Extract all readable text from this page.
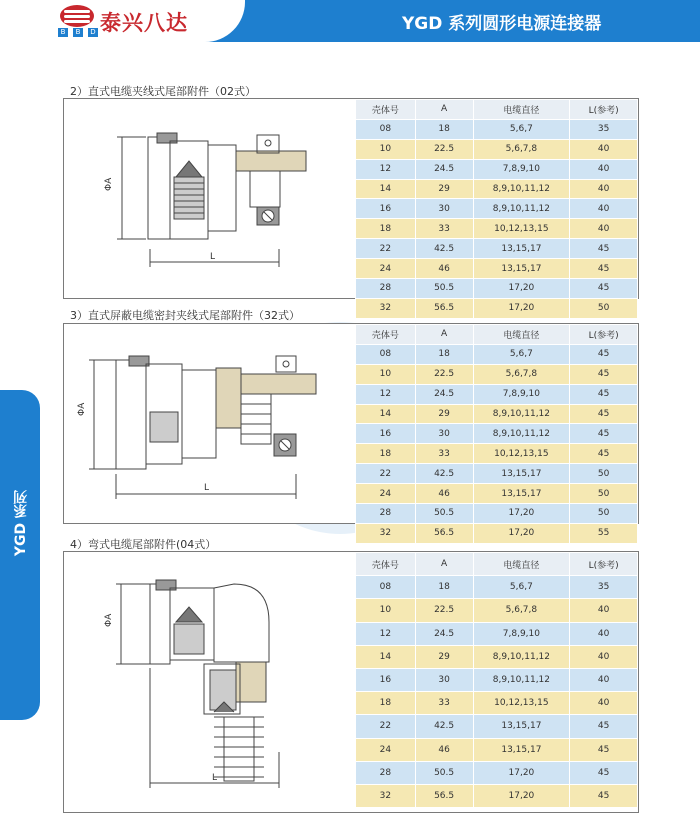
B	B	D 泰兴八达	YGD 系列圆形电源连接器
YGD 系列
2）直式电缆夹线式尾部附件（02式）
ΦA
L
壳体号	A	电缆直径	L(参考)
08	18	5,6,7	35
10	22.5	5,6,7,8	40
12	24.5	7,8,9,10	40
14	29	8,9,10,11,12	40
16	30	8,9,10,11,12	40
18	33	10,12,13,15	40
22	42.5	13,15,17	45
24	46	13,15,17	45
28	50.5	17,20	45
32	56.5	17,20	50
3）直式屏蔽电缆密封夹线式尾部附件（32式）
ΦA
L
壳体号	A	电缆直径	L(参考)
08	18	5,6,7	45
10	22.5	5,6,7,8	45
12	24.5	7,8,9,10	45
14	29	8,9,10,11,12	45
16	30	8,9,10,11,12	45
18	33	10,12,13,15	45
22	42.5	13,15,17	50
24	46	13,15,17	50
28	50.5	17,20	50
32	56.5	17,20	55
4）弯式电缆尾部附件(04式）
ΦA
L
壳体号	A	电缆直径	L(参考)
08	18	5,6,7	35
10	22.5	5,6,7,8	40
12	24.5	7,8,9,10	40
14	29	8,9,10,11,12	40
16	30	8,9,10,11,12	40
18	33	10,12,13,15	40
22	42.5	13,15,17	45
24	46	13,15,17	45
28	50.5	17,20	45
32	56.5	17,20	45
